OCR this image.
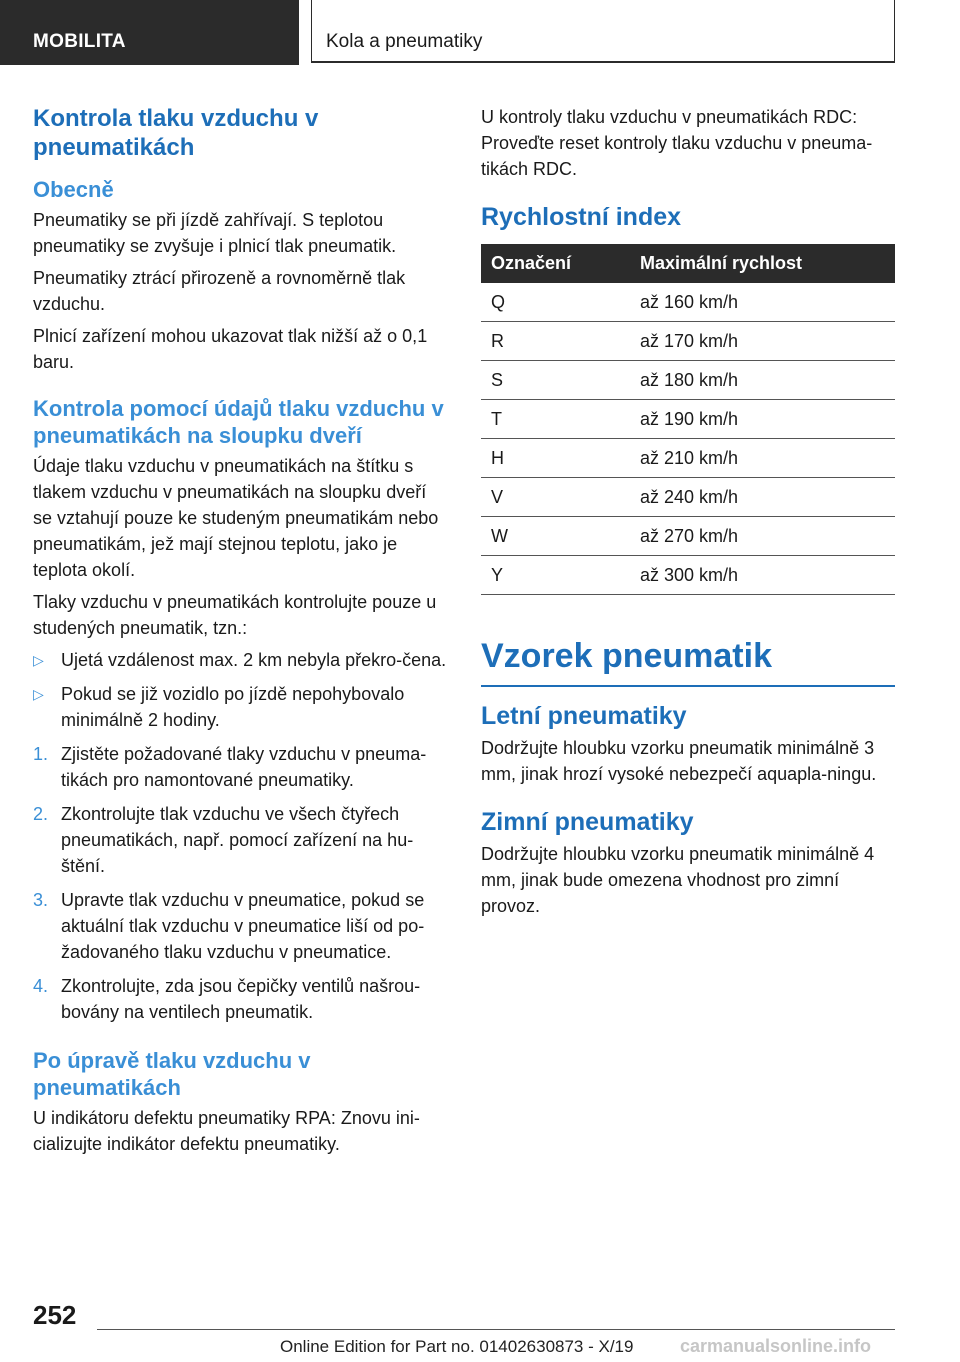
MOBILITA	Kola a pneumatiky
Kontrola tlaku vzduchu v pneumatikách
Obecně

Pneumatiky se při jízdě zahřívají. S teplotou pneumatiky se zvyšuje i plnicí tlak pneumatik.

Pneumatiky ztrácí přirozeně a rovnoměrně tlak vzduchu.

Plnicí zařízení mohou ukazovat tlak nižší až o 0,1 baru.

Kontrola pomocí údajů tlaku vzduchu v pneumatikách na sloupku dveří

Údaje tlaku vzduchu v pneumatikách na štítku s tlakem vzduchu v pneumatikách na sloupku dveří se vztahují pouze ke studeným pneumatikám nebo pneumatikám, jež mají stejnou teplotu, jako je teplota okolí.

Tlaky vzduchu v pneumatikách kontrolujte pouze u studených pneumatik, tzn.:

▷ Ujetá vzdálenost max. 2 km nebyla překro-čena.
▷ Pokud se již vozidlo po jízdě nepohybovalo minimálně 2 hodiny.
1. Zjistěte požadované tlaky vzduchu v pneuma-tikách pro namontované pneumatiky.
2. Zkontrolujte tlak vzduchu ve všech čtyřech pneumatikách, např. pomocí zařízení na hu-štění.
3. Upravte tlak vzduchu v pneumatice, pokud se aktuální tlak vzduchu v pneumatice liší od po-žadovaného tlaku vzduchu v pneumatice.
4. Zkontrolujte, zda jsou čepičky ventilů našrou-bovány na ventilech pneumatik.
Po úpravě tlaku vzduchu v pneumatikách

U indikátoru defektu pneumatiky RPA: Znovu ini-cializujte indikátor defektu pneumatiky.

U kontroly tlaku vzduchu v pneumatikách RDC: Proveďte reset kontroly tlaku vzduchu v pneuma-tikách RDC.

Rychlostní index
Označení	Maximální rychlost
Q	až 160 km/h
R	až 170 km/h
S	až 180 km/h
T	až 190 km/h
H	až 210 km/h
V	až 240 km/h
W	až 270 km/h
Y	až 300 km/h
Vzorek pneumatik
Letní pneumatiky

Dodržujte hloubku vzorku pneumatik minimálně 3 mm, jinak hrozí vysoké nebezpečí aquapla-ningu.

Zimní pneumatiky

Dodržujte hloubku vzorku pneumatik minimálně 4 mm, jinak bude omezena vhodnost pro zimní provoz.

252
Online Edition for Part no. 01402630873 - X/19	carmanualsonline.info
